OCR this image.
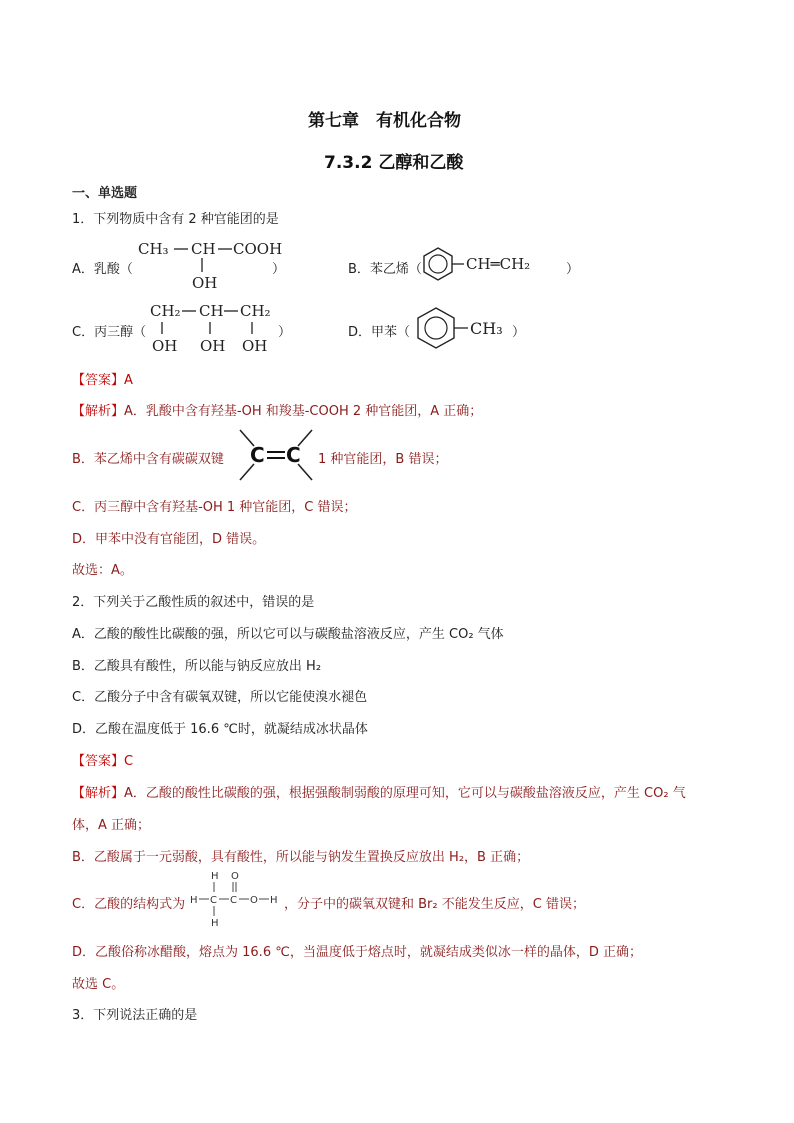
第七章　有机化合物
7.3.2 乙醇和乙酸
一、单选题
1．下列物质中含有 2 种官能团的是
A．乳酸（
CH₃ CH COOH
OH
）	B．苯乙烯（	CH═CH₂	）
C．丙三醇（
CH₂ CH CH₂
OH OH OH
）	D．甲苯（	CH₃ ）
【答案】A
【解析】A．乳酸中含有羟基-OH 和羧基-COOH 2 种官能团，A 正确；
B．苯乙烯中含有碳碳双键 C C 1 种官能团，B 错误；
C．丙三醇中含有羟基-OH 1 种官能团，C 错误；
D．甲苯中没有官能团，D 错误。
故选：A。
2．下列关于乙酸性质的叙述中，错误的是
A．乙酸的酸性比碳酸的强，所以它可以与碳酸盐溶液反应，产生 CO₂ 气体
B．乙酸具有酸性，所以能与钠反应放出 H₂
C．乙酸分子中含有碳氧双键，所以它能使溴水褪色
D．乙酸在温度低于 16.6 ℃时，就凝结成冰状晶体
【答案】C
【解析】A．乙酸的酸性比碳酸的强，根据强酸制弱酸的原理可知，它可以与碳酸盐溶液反应，产生 CO₂ 气
体，A 正确；
B．乙酸属于一元弱酸，具有酸性，所以能与钠发生置换反应放出 H₂，B 正确；
C．乙酸的结构式为
H O
H C C O H
H
，分子中的碳氧双键和 Br₂ 不能发生反应，C 错误；
D．乙酸俗称冰醋酸，熔点为 16.6 ℃，当温度低于熔点时，就凝结成类似冰一样的晶体，D 正确；
故选 C。
3．下列说法正确的是
